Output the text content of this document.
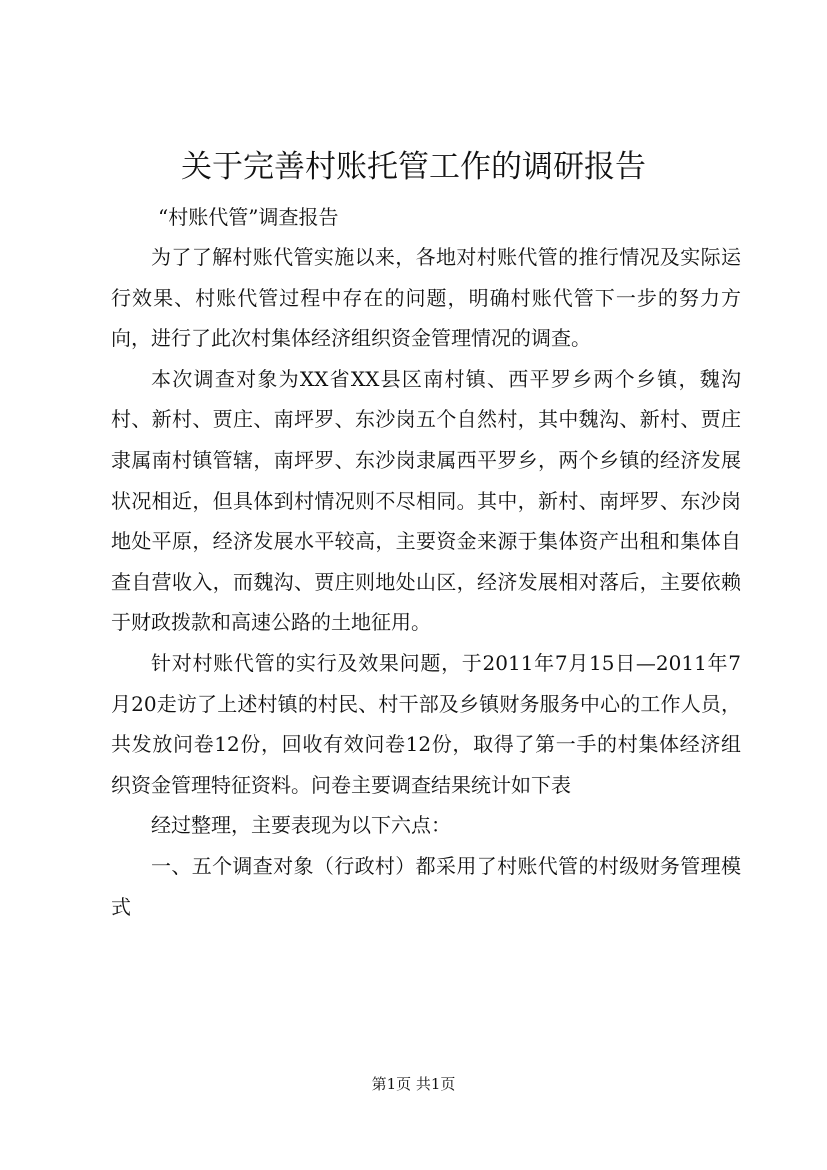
关于完善村账托管工作的调研报告
“村账代管”调查报告

为了了解村账代管实施以来，各地对村账代管的推行情况及实际运行效果、村账代管过程中存在的问题，明确村账代管下一步的努力方向，进行了此次村集体经济组织资金管理情况的调查。

本次调查对象为XX省XX县区南村镇、西平罗乡两个乡镇，魏沟村、新村、贾庄、南坪罗、东沙岗五个自然村，其中魏沟、新村、贾庄隶属南村镇管辖，南坪罗、东沙岗隶属西平罗乡，两个乡镇的经济发展状况相近，但具体到村情况则不尽相同。其中，新村、南坪罗、东沙岗地处平原，经济发展水平较高，主要资金来源于集体资产出租和集体自查自营收入，而魏沟、贾庄则地处山区，经济发展相对落后，主要依赖于财政拨款和高速公路的土地征用。

针对村账代管的实行及效果问题，于2011年7月15日—2011年7月20走访了上述村镇的村民、村干部及乡镇财务服务中心的工作人员，共发放问卷12份，回收有效问卷12份，取得了第一手的村集体经济组织资金管理特征资料。问卷主要调查结果统计如下表

经过整理，主要表现为以下六点：

一、五个调查对象（行政村）都采用了村账代管的村级财务管理模式

第1页 共1页
